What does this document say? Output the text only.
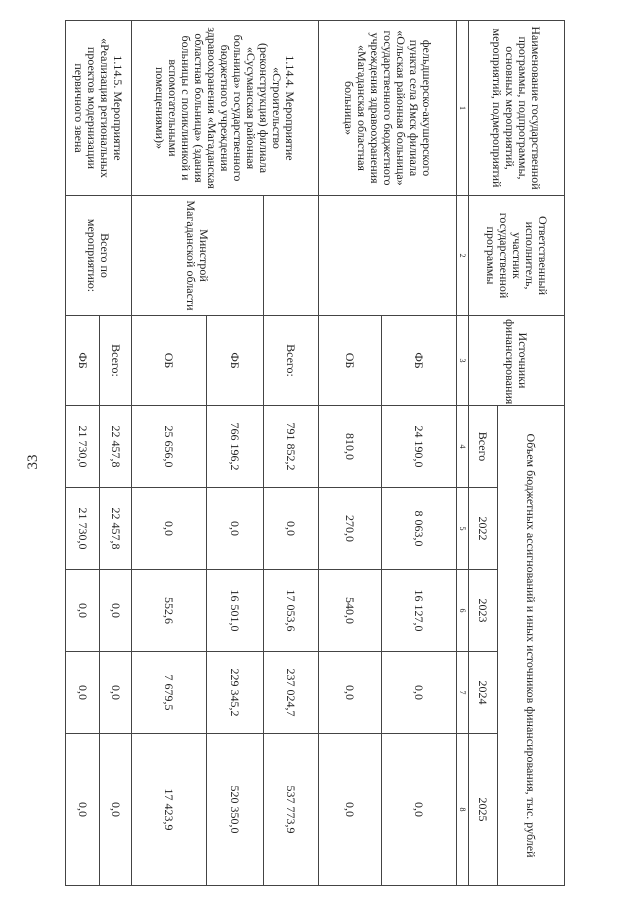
33
Наименование государственной программы, подпрограммы, основных мероприятий, мероприятий, подмероприятий	Ответственный исполнитель, участник государственной программы	Источники финансирования	Объем бюджетных ассигнований и иных источников финансирования, тыс. рублей				
			Всего	2022	2023	2024	2025
1	2	3	4	5	6	7	8
фельдшерско-акушерского пункта села Ямск филиала «Ольская районная больница» государственного бюджетного учреждения здравоохранения «Магаданская областная больница»		ФБ	24 190,0	8 063,0	16 127,0	0,0	0,0
		ОБ	810,0	270,0	540,0	0,0	0,0
1.14.4. Мероприятие «Строительство (реконструкция) филиала «Сусуманская районная больница» государственного бюджетного учреждения здравоохранения «Магаданская областная больница» (здания больницы с поликлиникой и вспомогательными помещениями)»		Всего:	791 852,2	0,0	17 053,6	237 024,7	537 773,9
	Минстрой Магаданской области	ФБ	766 196,2	0,0	16 501,0	229 345,2	520 350,0
		ОБ	25 656,0	0,0	552,6	7 679,5	17 423,9
1.14.5. Мероприятие «Реализация региональных проектов модернизации первичного звена	Всего по мероприятию:	Всего:	22 457,8	22 457,8	0,0	0,0	0,0
		ФБ	21 730,0	21 730,0	0,0	0,0	0,0
